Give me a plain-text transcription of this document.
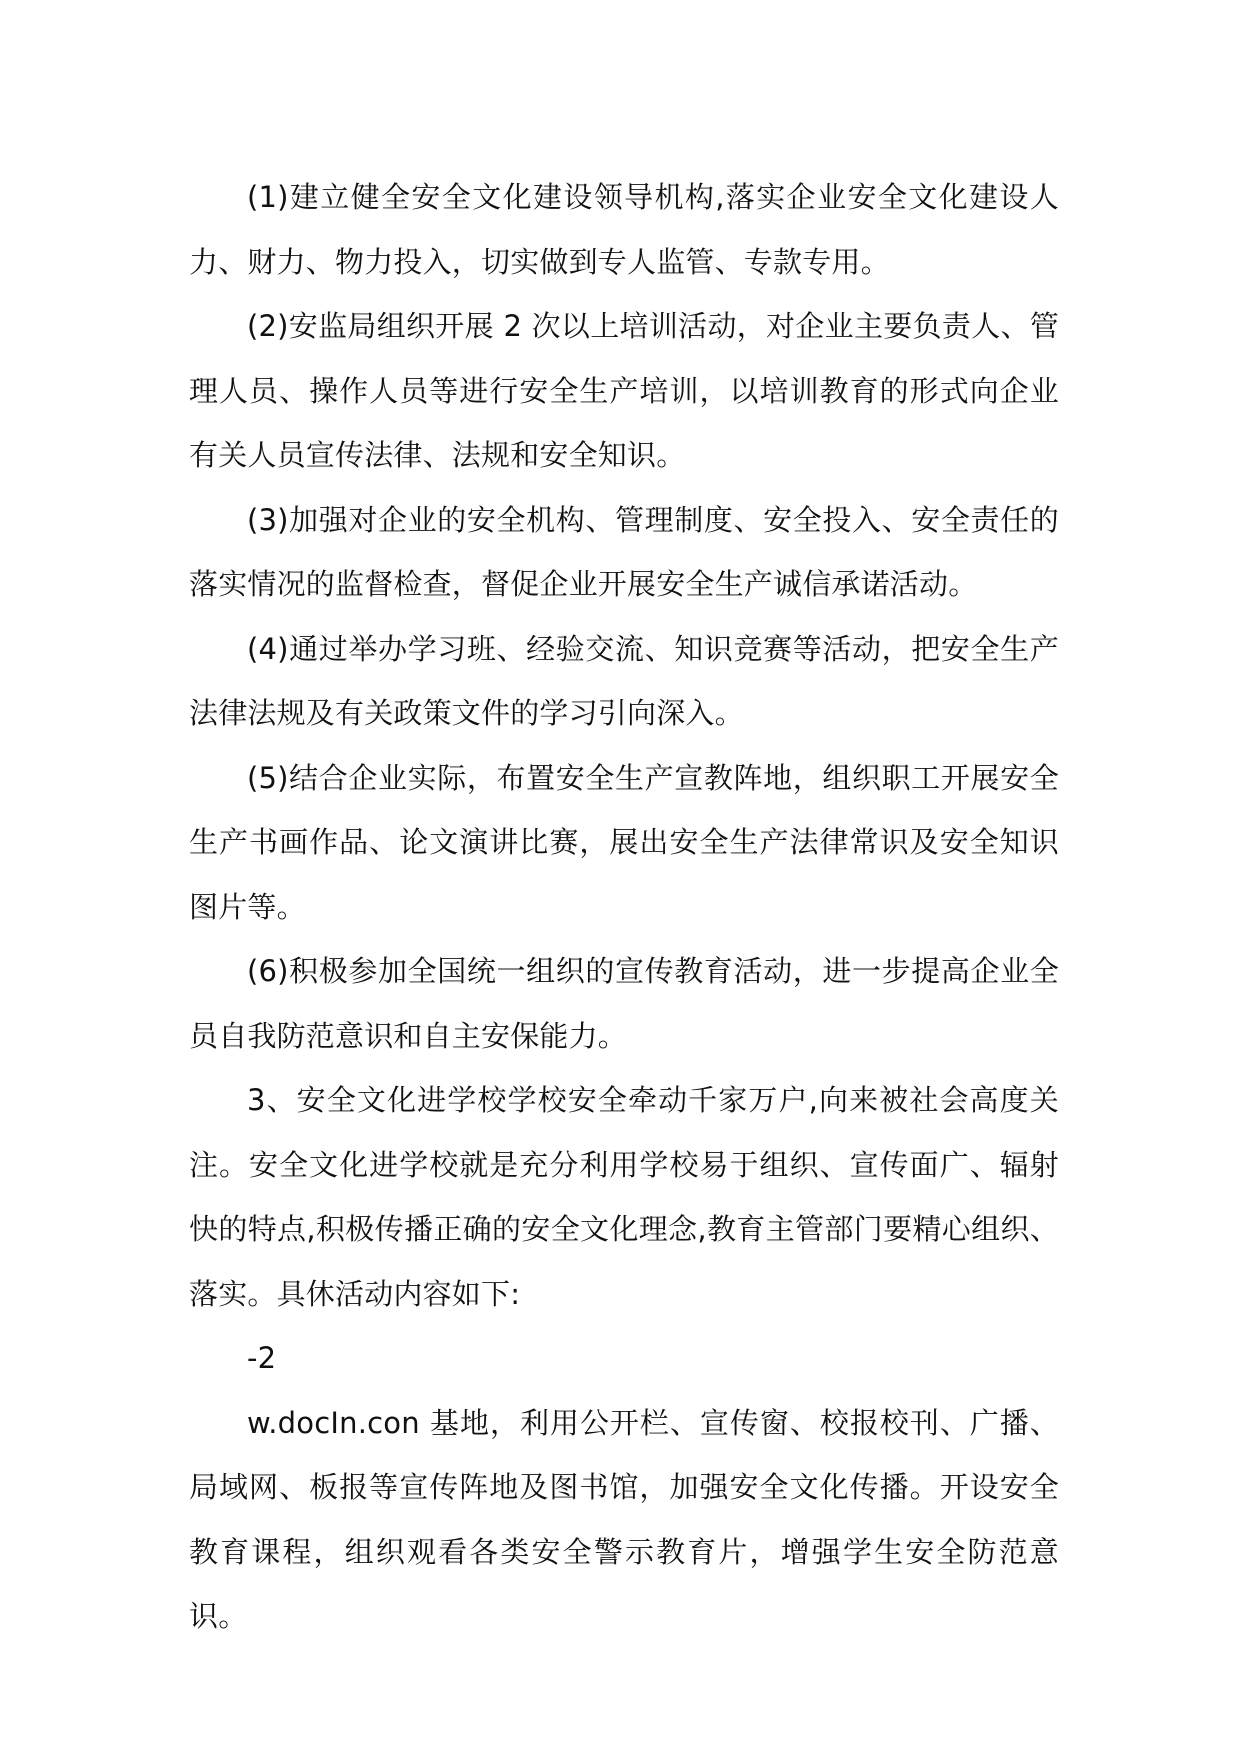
(1)建立健全安全文化建设领导机构,落实企业安全文化建设人力、财力、物力投入，切实做到专人监管、专款专用。

(2)安监局组织开展 2 次以上培训活动，对企业主要负责人、管理人员、操作人员等进行安全生产培训，以培训教育的形式向企业有关人员宣传法律、法规和安全知识。

(3)加强对企业的安全机构、管理制度、安全投入、安全责任的落实情况的监督检查，督促企业开展安全生产诚信承诺活动。

(4)通过举办学习班、经验交流、知识竞赛等活动，把安全生产法律法规及有关政策文件的学习引向深入。

(5)结合企业实际，布置安全生产宣教阵地，组织职工开展安全生产书画作品、论文演讲比赛，展出安全生产法律常识及安全知识图片等。

(6)积极参加全国统一组织的宣传教育活动，进一步提高企业全员自我防范意识和自主安保能力。

3、安全文化进学校学校安全牵动千家万户,向来被社会高度关注。安全文化进学校就是充分利用学校易于组织、宣传面广、辐射快的特点,积极传播正确的安全文化理念,教育主管部门要精心组织、落实。具休活动内容如下:

-2

w.docIn.con 基地，利用公开栏、宣传窗、校报校刊、广播、局域网、板报等宣传阵地及图书馆，加强安全文化传播。开设安全教育课程，组织观看各类安全警示教育片，增强学生安全防范意识。
